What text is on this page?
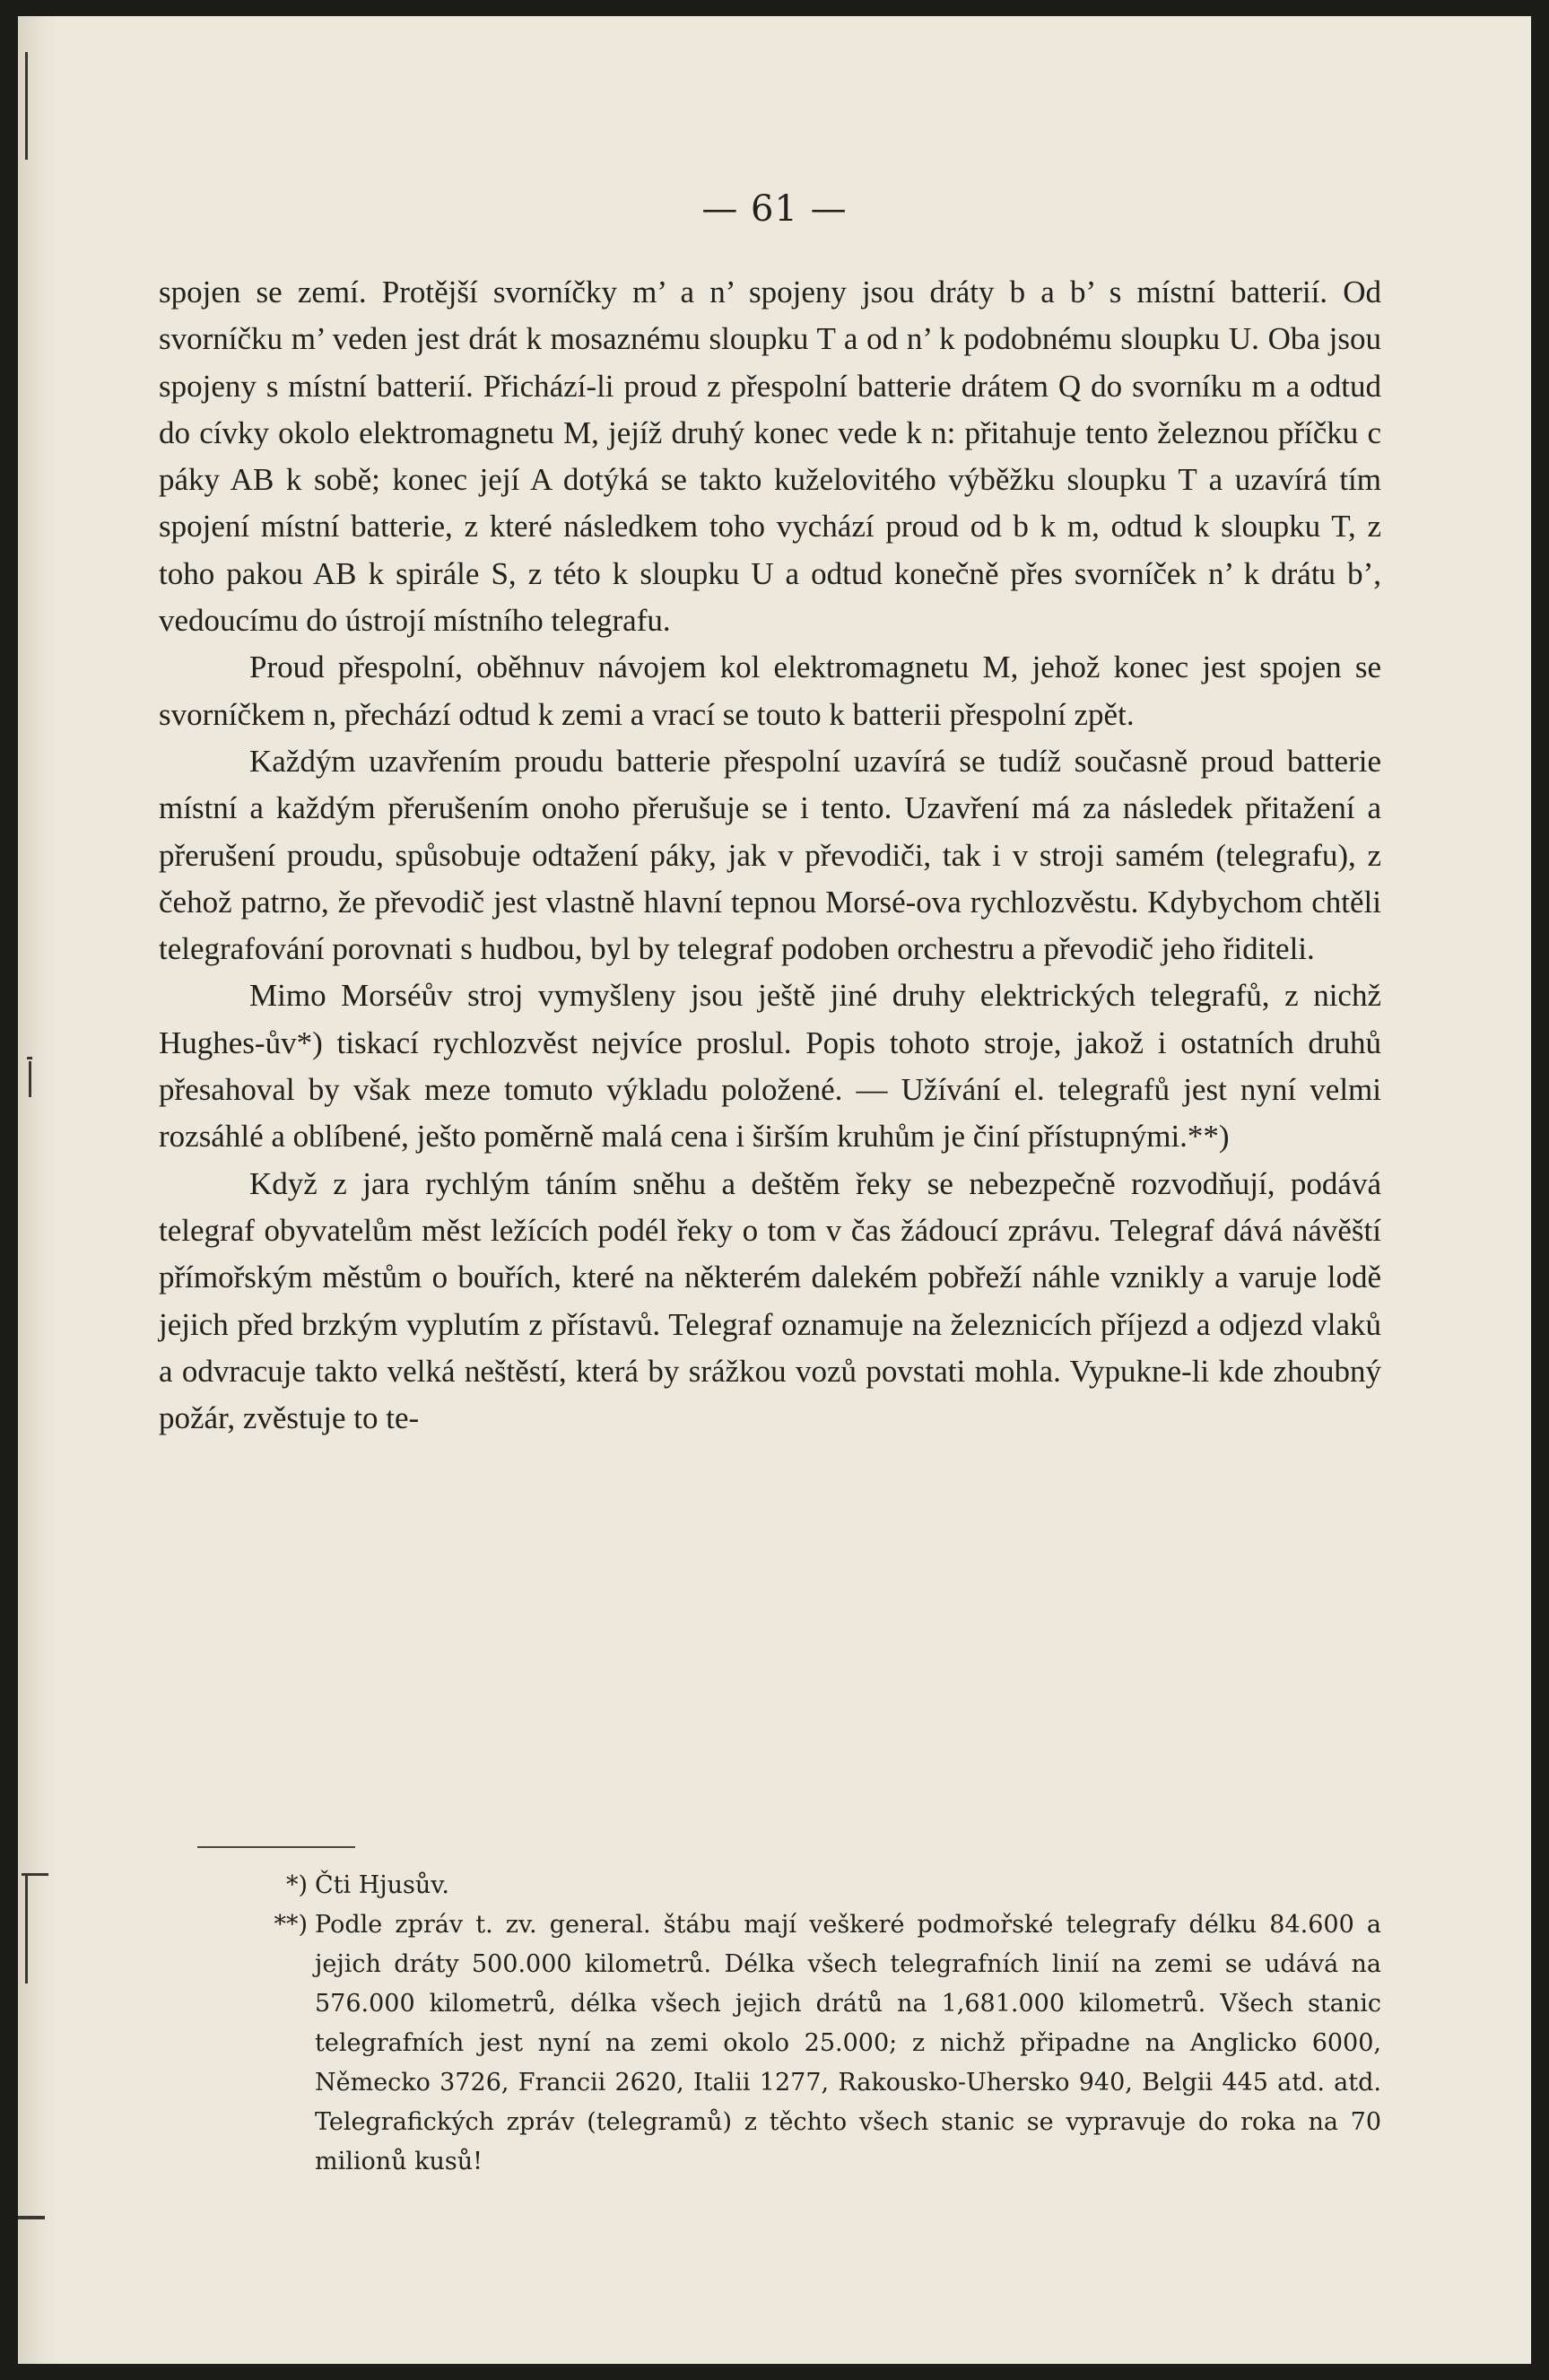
— 61 —

spojen se zemí. Protější svorníčky m’ a n’ spojeny jsou dráty b a b’ s místní batterií. Od svorníčku m’ veden jest drát k mosaznému sloupku T a od n’ k podobnému sloupku U. Oba jsou spojeny s místní batterií. Přichází-li proud z přespolní batterie drátem Q do svorníku m a odtud do cívky okolo elektromagnetu M, jejíž druhý konec vede k n: přitahuje tento železnou příčku c páky AB k sobě; konec její A dotýká se takto kuželovitého výběžku sloupku T a uzavírá tím spojení místní batterie, z které následkem toho vychází proud od b k m, odtud k sloupku T, z toho pakou AB k spirále S, z této k sloupku U a odtud konečně přes svorníček n’ k drátu b’, vedoucímu do ústrojí místního telegrafu.

Proud přespolní, oběhnuv návojem kol elektromagnetu M, jehož konec jest spojen se svorníčkem n, přechází odtud k zemi a vrací se touto k batterii přespolní zpět.

Každým uzavřením proudu batterie přespolní uzavírá se tudíž současně proud batterie místní a každým přerušením onoho přerušuje se i tento. Uzavření má za následek přitažení a přerušení proudu, spůsobuje odtažení páky, jak v převodiči, tak i v stroji samém (telegrafu), z čehož patrno, že převodič jest vlastně hlavní tepnou Morsé-ova rychlozvěstu. Kdybychom chtěli telegrafování porovnati s hudbou, byl by telegraf podoben orchestru a převodič jeho řiditeli.

Mimo Morséův stroj vymyšleny jsou ještě jiné druhy elektrických telegrafů, z nichž Hughes-ův*) tiskací rychlozvěst nejvíce proslul. Popis tohoto stroje, jakož i ostatních druhů přesahoval by však meze tomuto výkladu položené. — Užívání el. telegrafů jest nyní velmi rozsáhlé a oblíbené, ješto poměrně malá cena i širším kruhům je činí přístupnými.**)

Když z jara rychlým táním sněhu a deštěm řeky se nebezpečně rozvodňují, podává telegraf obyvatelům měst ležících podél řeky o tom v čas žádoucí zprávu. Telegraf dává návěští přímořským městům o bouřích, které na některém dalekém pobřeží náhle vznikly a varuje lodě jejich před brzkým vyplutím z přístavů. Telegraf oznamuje na železnicích příjezd a odjezd vlaků a odvracuje takto velká neštěstí, která by srážkou vozů povstati mohla. Vypukne-li kde zhoubný požár, zvěstuje to te-

*) Čti Hjusův.

**) Podle zpráv t. zv. general. štábu mají veškeré podmořské telegrafy délku 84.600 a jejich dráty 500.000 kilometrů. Délka všech telegrafních linií na zemi se udává na 576.000 kilometrů, délka všech jejich drátů na 1,681.000 kilometrů. Všech stanic telegrafních jest nyní na zemi okolo 25.000; z nichž připadne na Anglicko 6000, Německo 3726, Francii 2620, Italii 1277, Rakousko-Uhersko 940, Belgii 445 atd. atd. Telegrafických zpráv (telegramů) z těchto všech stanic se vypravuje do roka na 70 milionů kusů!
